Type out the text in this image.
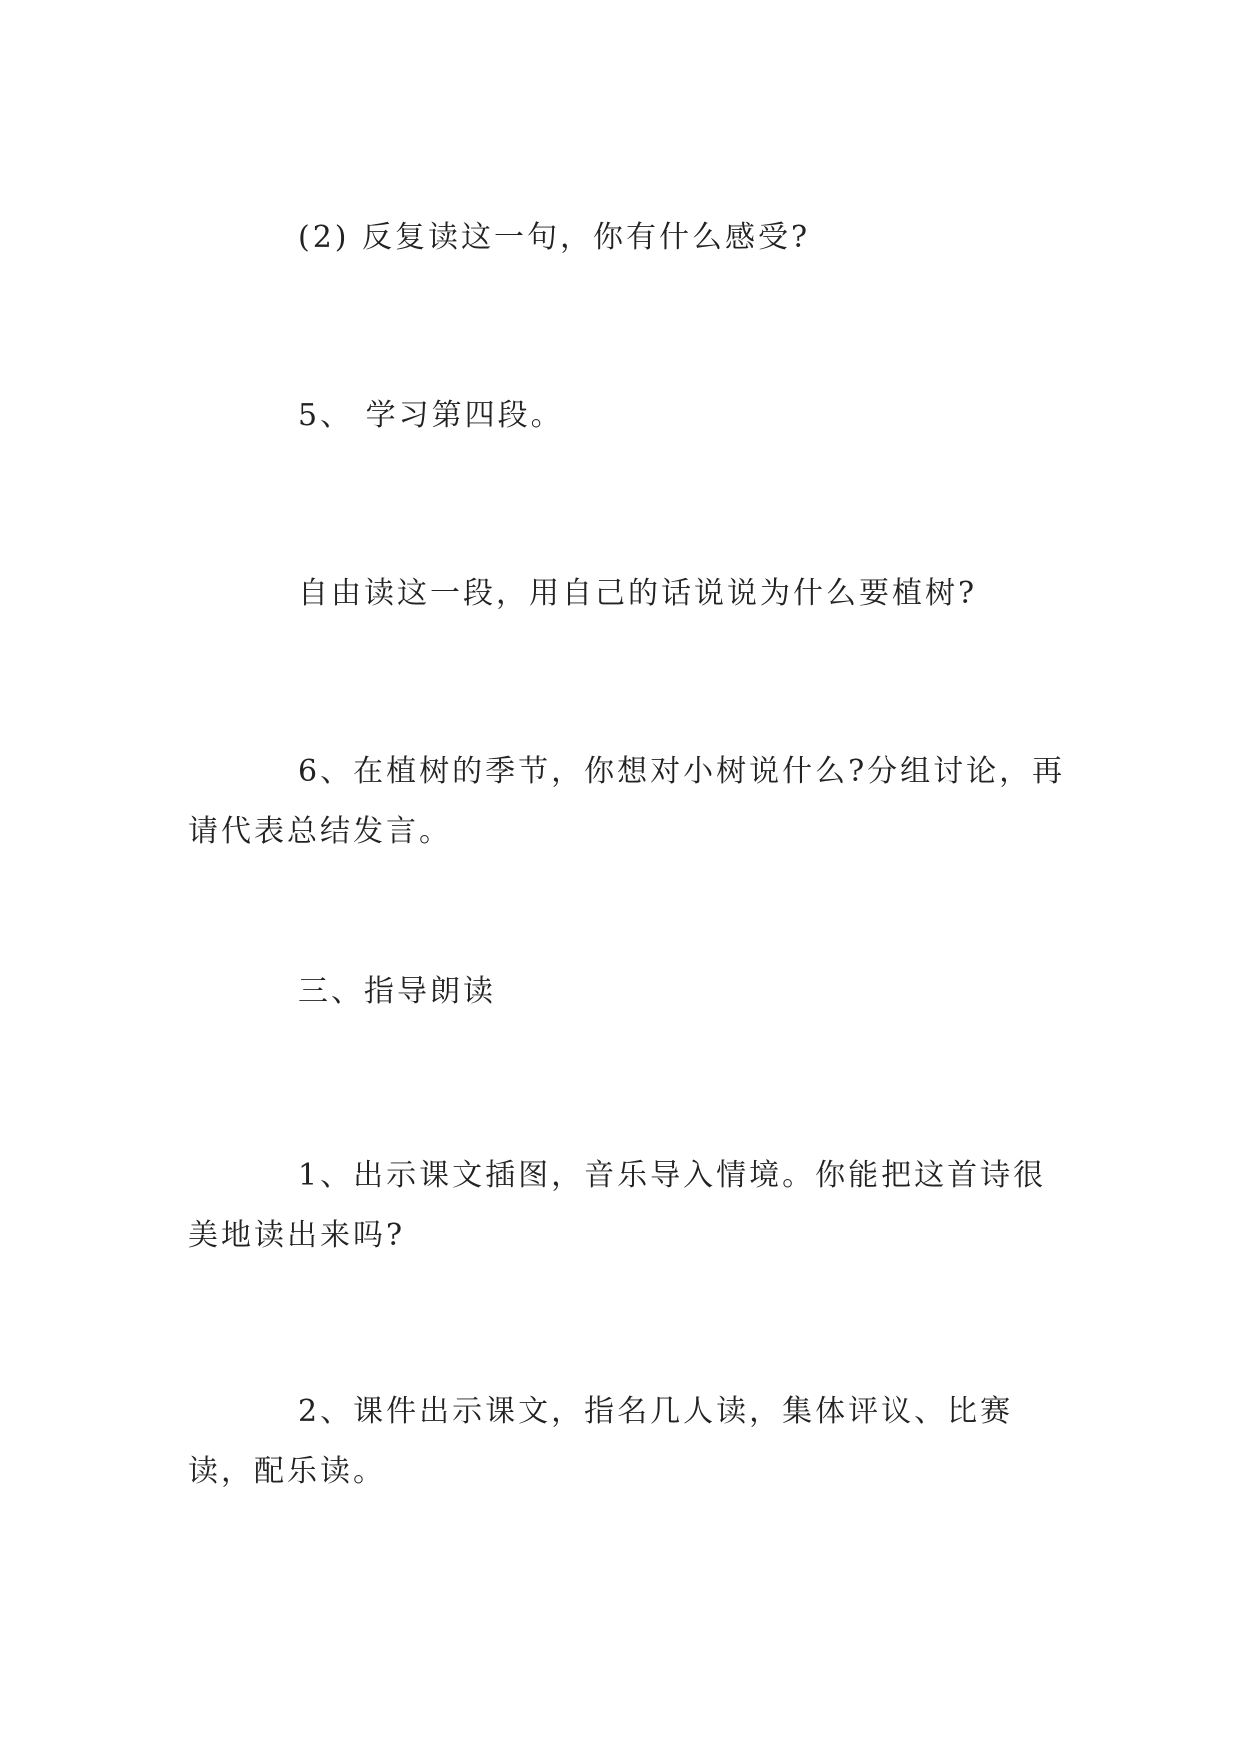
(2) 反复读这一句，你有什么感受?

5、 学习第四段。

自由读这一段，用自己的话说说为什么要植树?

6、在植树的季节，你想对小树说什么?分组讨论，再请代表总结发言。

三、指导朗读

1、出示课文插图，音乐导入情境。你能把这首诗很美地读出来吗?

2、课件出示课文，指名几人读，集体评议、比赛读，配乐读。
